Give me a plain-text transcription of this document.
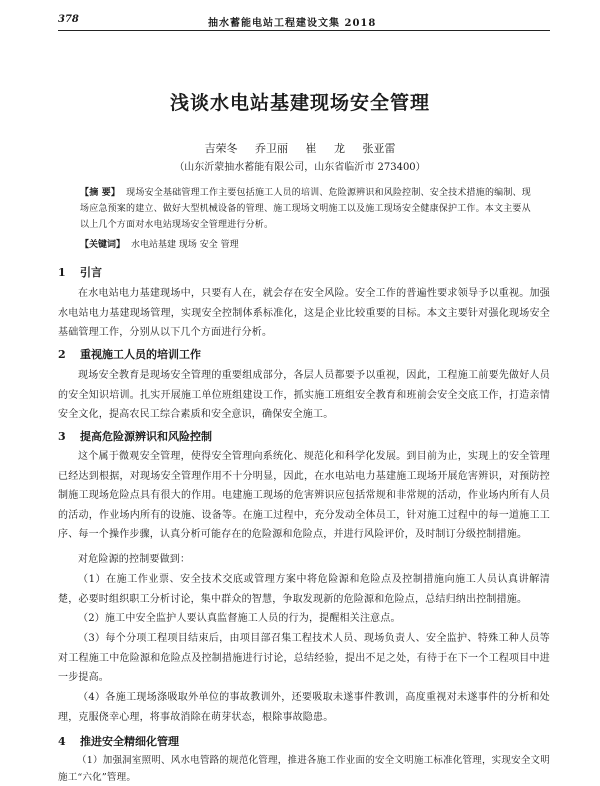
378	抽水蓄能电站工程建设文集 2018
浅谈水电站基建现场安全管理
吉荣冬 乔卫丽 崔 龙 张亚雷
（山东沂蒙抽水蓄能有限公司，山东省临沂市 273400）
【摘 要】 现场安全基础管理工作主要包括施工人员的培训、危险源辨识和风险控制、安全技术措施的编制、现场应急预案的建立、做好大型机械设备的管理、施工现场文明施工以及施工现场安全健康保护工作。本文主要从以上几个方面对水电站现场安全管理进行分析。
【关键词】 水电站基建 现场 安全 管理
1 引言
在水电站电力基建现场中，只要有人在，就会存在安全风险。安全工作的普遍性要求领导予以重视。加强水电站电力基建现场管理，实现安全控制体系标准化，这是企业比较重要的目标。本文主要针对强化现场安全基础管理工作，分别从以下几个方面进行分析。
2 重视施工人员的培训工作
现场安全教育是现场安全管理的重要组成部分，各层人员都要予以重视，因此，工程施工前要先做好人员的安全知识培训。扎实开展施工单位班组建设工作，抓实施工班组安全教育和班前会安全交底工作，打造亲情安全文化，提高农民工综合素质和安全意识，确保安全施工。
3 提高危险源辨识和风险控制
这个属于微观安全管理，使得安全管理向系统化、规范化和科学化发展。到目前为止，实现上的安全管理已经达到根据，对现场安全管理作用不十分明显，因此，在水电站电力基建施工现场开展危害辨识，对预防控制施工现场危险点具有很大的作用。电建施工现场的危害辨识应包括常规和非常规的活动，作业场内所有人员的活动，作业场内所有的设施、设备等。在施工过程中，充分发动全体员工，针对施工过程中的每一道施工工序、每一个操作步骤，认真分析可能存在的危险源和危险点，并进行风险评价，及时制订分级控制措施。
对危险源的控制要做到：
（1）在施工作业票、安全技术交底或管理方案中将危险源和危险点及控制措施向施工人员认真讲解清楚，必要时组织职工分析讨论，集中群众的智慧，争取发现新的危险源和危险点，总结归纳出控制措施。
（2）施工中安全监护人要认真监督施工人员的行为，提醒相关注意点。
（3）每个分项工程项目结束后，由项目部召集工程技术人员、现场负责人、安全监护、特殊工种人员等对工程施工中危险源和危险点及控制措施进行讨论，总结经验，提出不足之处，有待于在下一个工程项目中进一步提高。
（4）各施工现场涤吸取外单位的事故教训外，还要吸取未遂事件教训，高度重视对未遂事件的分析和处理，克服侥幸心理，将事故消除在萌芽状态，根除事故隐患。
4 推进安全精细化管理
（1）加强洞室照明、风水电管路的规范化管理，推进各施工作业面的安全文明施工标准化管理，实现安全文明施工“六化”管理。
